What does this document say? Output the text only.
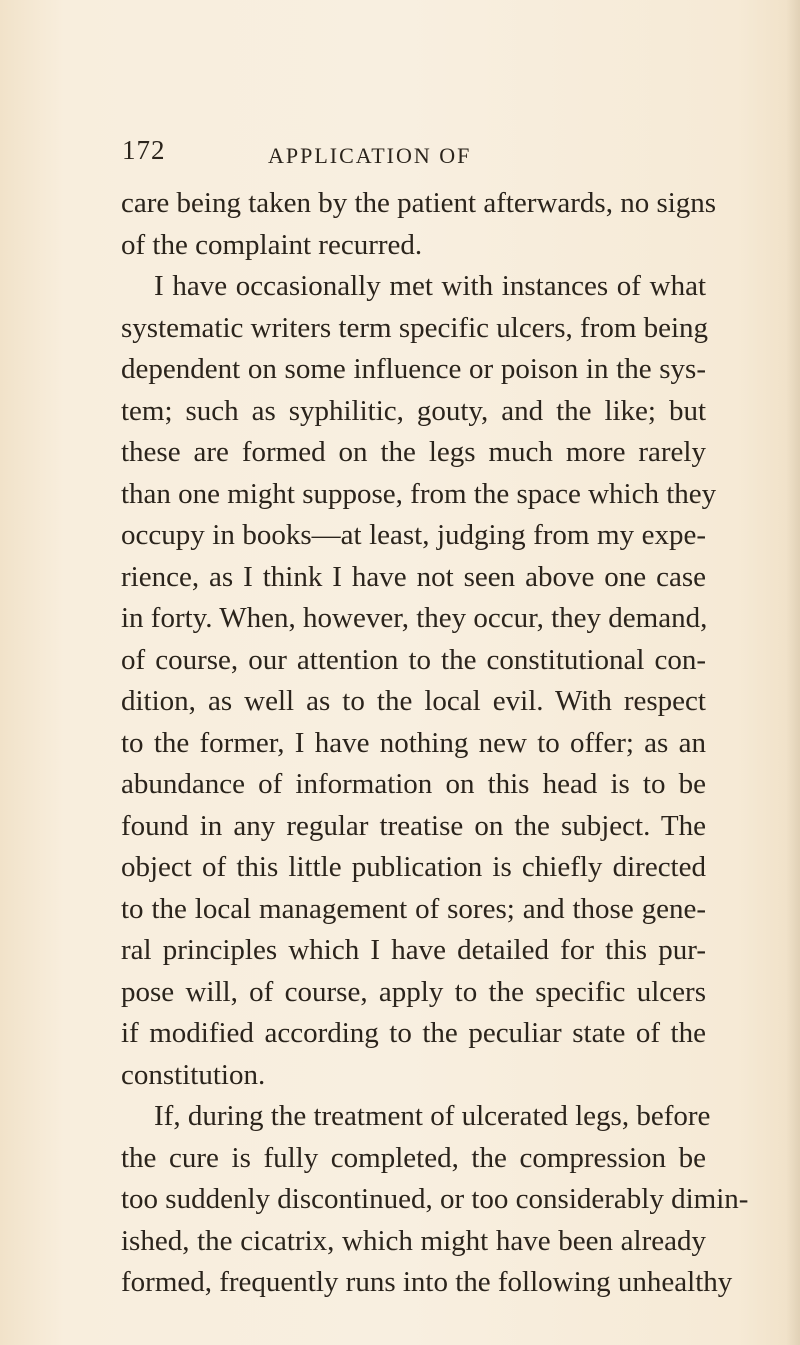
172	APPLICATION OF
care being taken by the patient afterwards, no signs
of the complaint recurred.
I have occasionally met with instances of what
systematic writers term specific ulcers, from being
dependent on some influence or poison in the sys-
tem; such as syphilitic, gouty, and the like; but
these are formed on the legs much more rarely
than one might suppose, from the space which they
occupy in books—at least, judging from my expe-
rience, as I think I have not seen above one case
in forty. When, however, they occur, they demand,
of course, our attention to the constitutional con-
dition, as well as to the local evil. With respect
to the former, I have nothing new to offer; as an
abundance of information on this head is to be
found in any regular treatise on the subject. The
object of this little publication is chiefly directed
to the local management of sores; and those gene-
ral principles which I have detailed for this pur-
pose will, of course, apply to the specific ulcers
if modified according to the peculiar state of the
constitution.
If, during the treatment of ulcerated legs, before
the cure is fully completed, the compression be
too suddenly discontinued, or too considerably dimin-
ished, the cicatrix, which might have been already
formed, frequently runs into the following unhealthy
